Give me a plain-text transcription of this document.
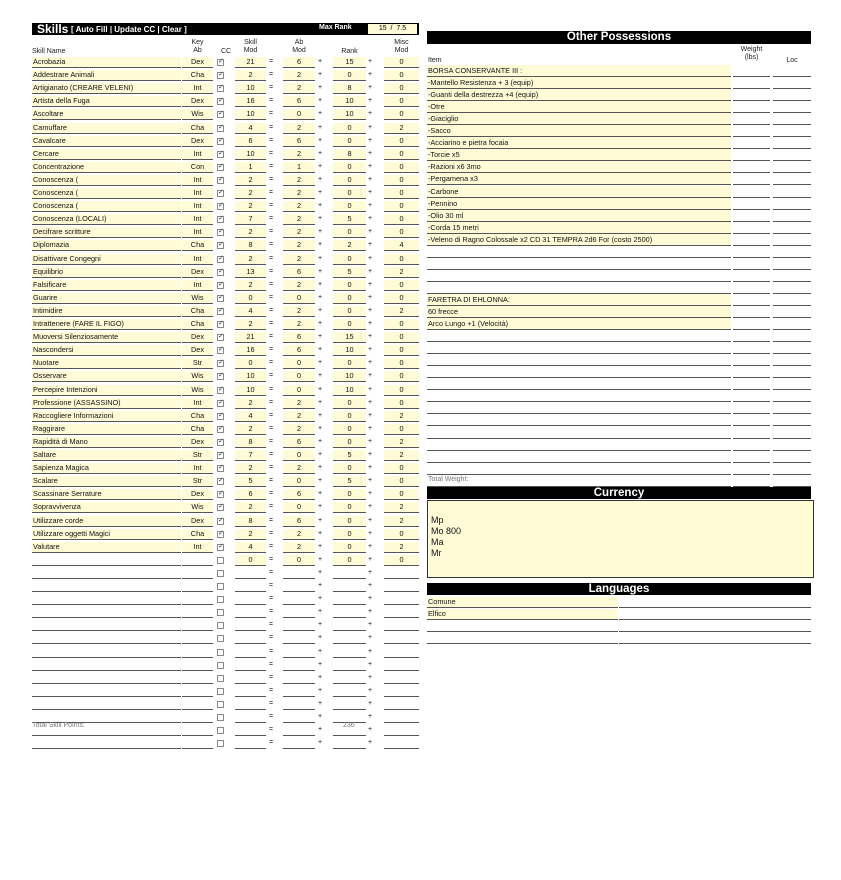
Skills [ Auto Fill | Update CC | Clear ]	Max Rank	15 / 7.5
Skill Name
Key
Ab	CC
Skill
Mod
Ab
Mod	Rank
Misc
Mod
Acrobazia	Dex ✓	21	=	6	+	15	+	0
Addestrare Animali	Cha ✓	2	=	2	+	0	+	0
Artigianato (CREARE VELENI)	Int ✓	10	=	2	+	8	+	0
Artista della Fuga	Dex ✓	16	=	6	+	10	+	0
Ascoltare	Wis ✓	10	=	0	+	10	+	0
Camuffare	Cha ✓	4	=	2	+	0	+	2
Cavalcare	Dex ✓	6	=	6	+	0	+	0
Cercare	Int ✓	10	=	2	+	8	+	0
Concentrazione	Con ✓	1	=	1	+	0	+	0
Conoscenza (	Int ✓	2	=	2	+	0	+	0
Conoscenza (	Int ✓	2	=	2	+	0	+	0
Conoscenza (	Int ✓	2	=	2	+	0	+	0
Conoscenza (LOCALI)	Int ✓	7	=	2	+	5	+	0
Decifrare scritture	Int ✓	2	=	2	+	0	+	0
Diplomazia	Cha ✓	8	=	2	+	2	+	4
Disattivare Congegni	Int ✓	2	=	2	+	0	+	0
Equilibrio	Dex ✓	13	=	6	+	5	+	2
Falsificare	Int ✓	2	=	2	+	0	+	0
Guarire	Wis ✓	0	=	0	+	0	+	0
Intimidire	Cha ✓	4	=	2	+	0	+	2
Intrattenere (FARE IL FIGO)	Cha ✓	2	=	2	+	0	+	0
Muoversi Silenziosamente	Dex ✓	21	=	6	+	15	+	0
Nascondersi	Dex ✓	16	=	6	+	10	+	0
Nuotare	Str ✓	0	=	0	+	0	+	0
Osservare	Wis ✓	10	=	0	+	10	+	0
Percepire Intenzioni	Wis ✓	10	=	0	+	10	+	0
Professione (ASSASSINO)	Int ✓	2	=	2	+	0	+	0
Raccogliere Informazioni	Cha ✓	4	=	2	+	0	+	2
Raggirare	Cha ✓	2	=	2	+	0	+	0
Rapidità di Mano	Dex ✓	8	=	6	+	0	+	2
Saltare	Str ✓	7	=	0	+	5	+	2
Sapienza Magica	Int ✓	2	=	2	+	0	+	0
Scalare	Str ✓	5	=	0	+	5	+	0
Scassinare Serrature	Dex ✓	6	=	6	+	0	+	0
Sopravvivenza	Wis ✓	2	=	0	+	0	+	2
Utilizzare corde	Dex ✓	8	=	6	+	0	+	2
Utilizzare oggetti Magici	Cha ✓	2	=	2	+	0	+	0
Valutare	Int ✓	4	=	2	+	0	+	2
0	=	0	+	0	+	0
=	+	+
=	+	+
=	+	+
=	+	+
=	+	+
=	+	+
=	+	+
=	+	+
=	+	+
=	+	+
=	+	+
=	+	+
=	+	+
=	+	+
Total Skill Points:	236
Other Possessions
Item
Weight
(lbs)	Loc
BORSA CONSERVANTE III :
-Mantello Resistenza + 3 (equip)
-Guanti della destrezza +4 (equip)
-Otre
-Giaciglio
-Sacco
-Acciarino e pietra focaia
-Torcie x5
-Razioni x6 3mo
-Pergamena x3
-Carbone
-Pennino
-Olio 30 ml
-Corda 15 metri
-Veleno di Ragno Colossale x2 CD 31 TEMPRA 2d6 For (costo 2500)
FARETRA DI EHLONNA:
60 frecce
Arco Lungo +1 (Velocità)
Total Weight:
Currency
Mp
Mo 800
Ma
Mr
Languages
Comune
Elfico
